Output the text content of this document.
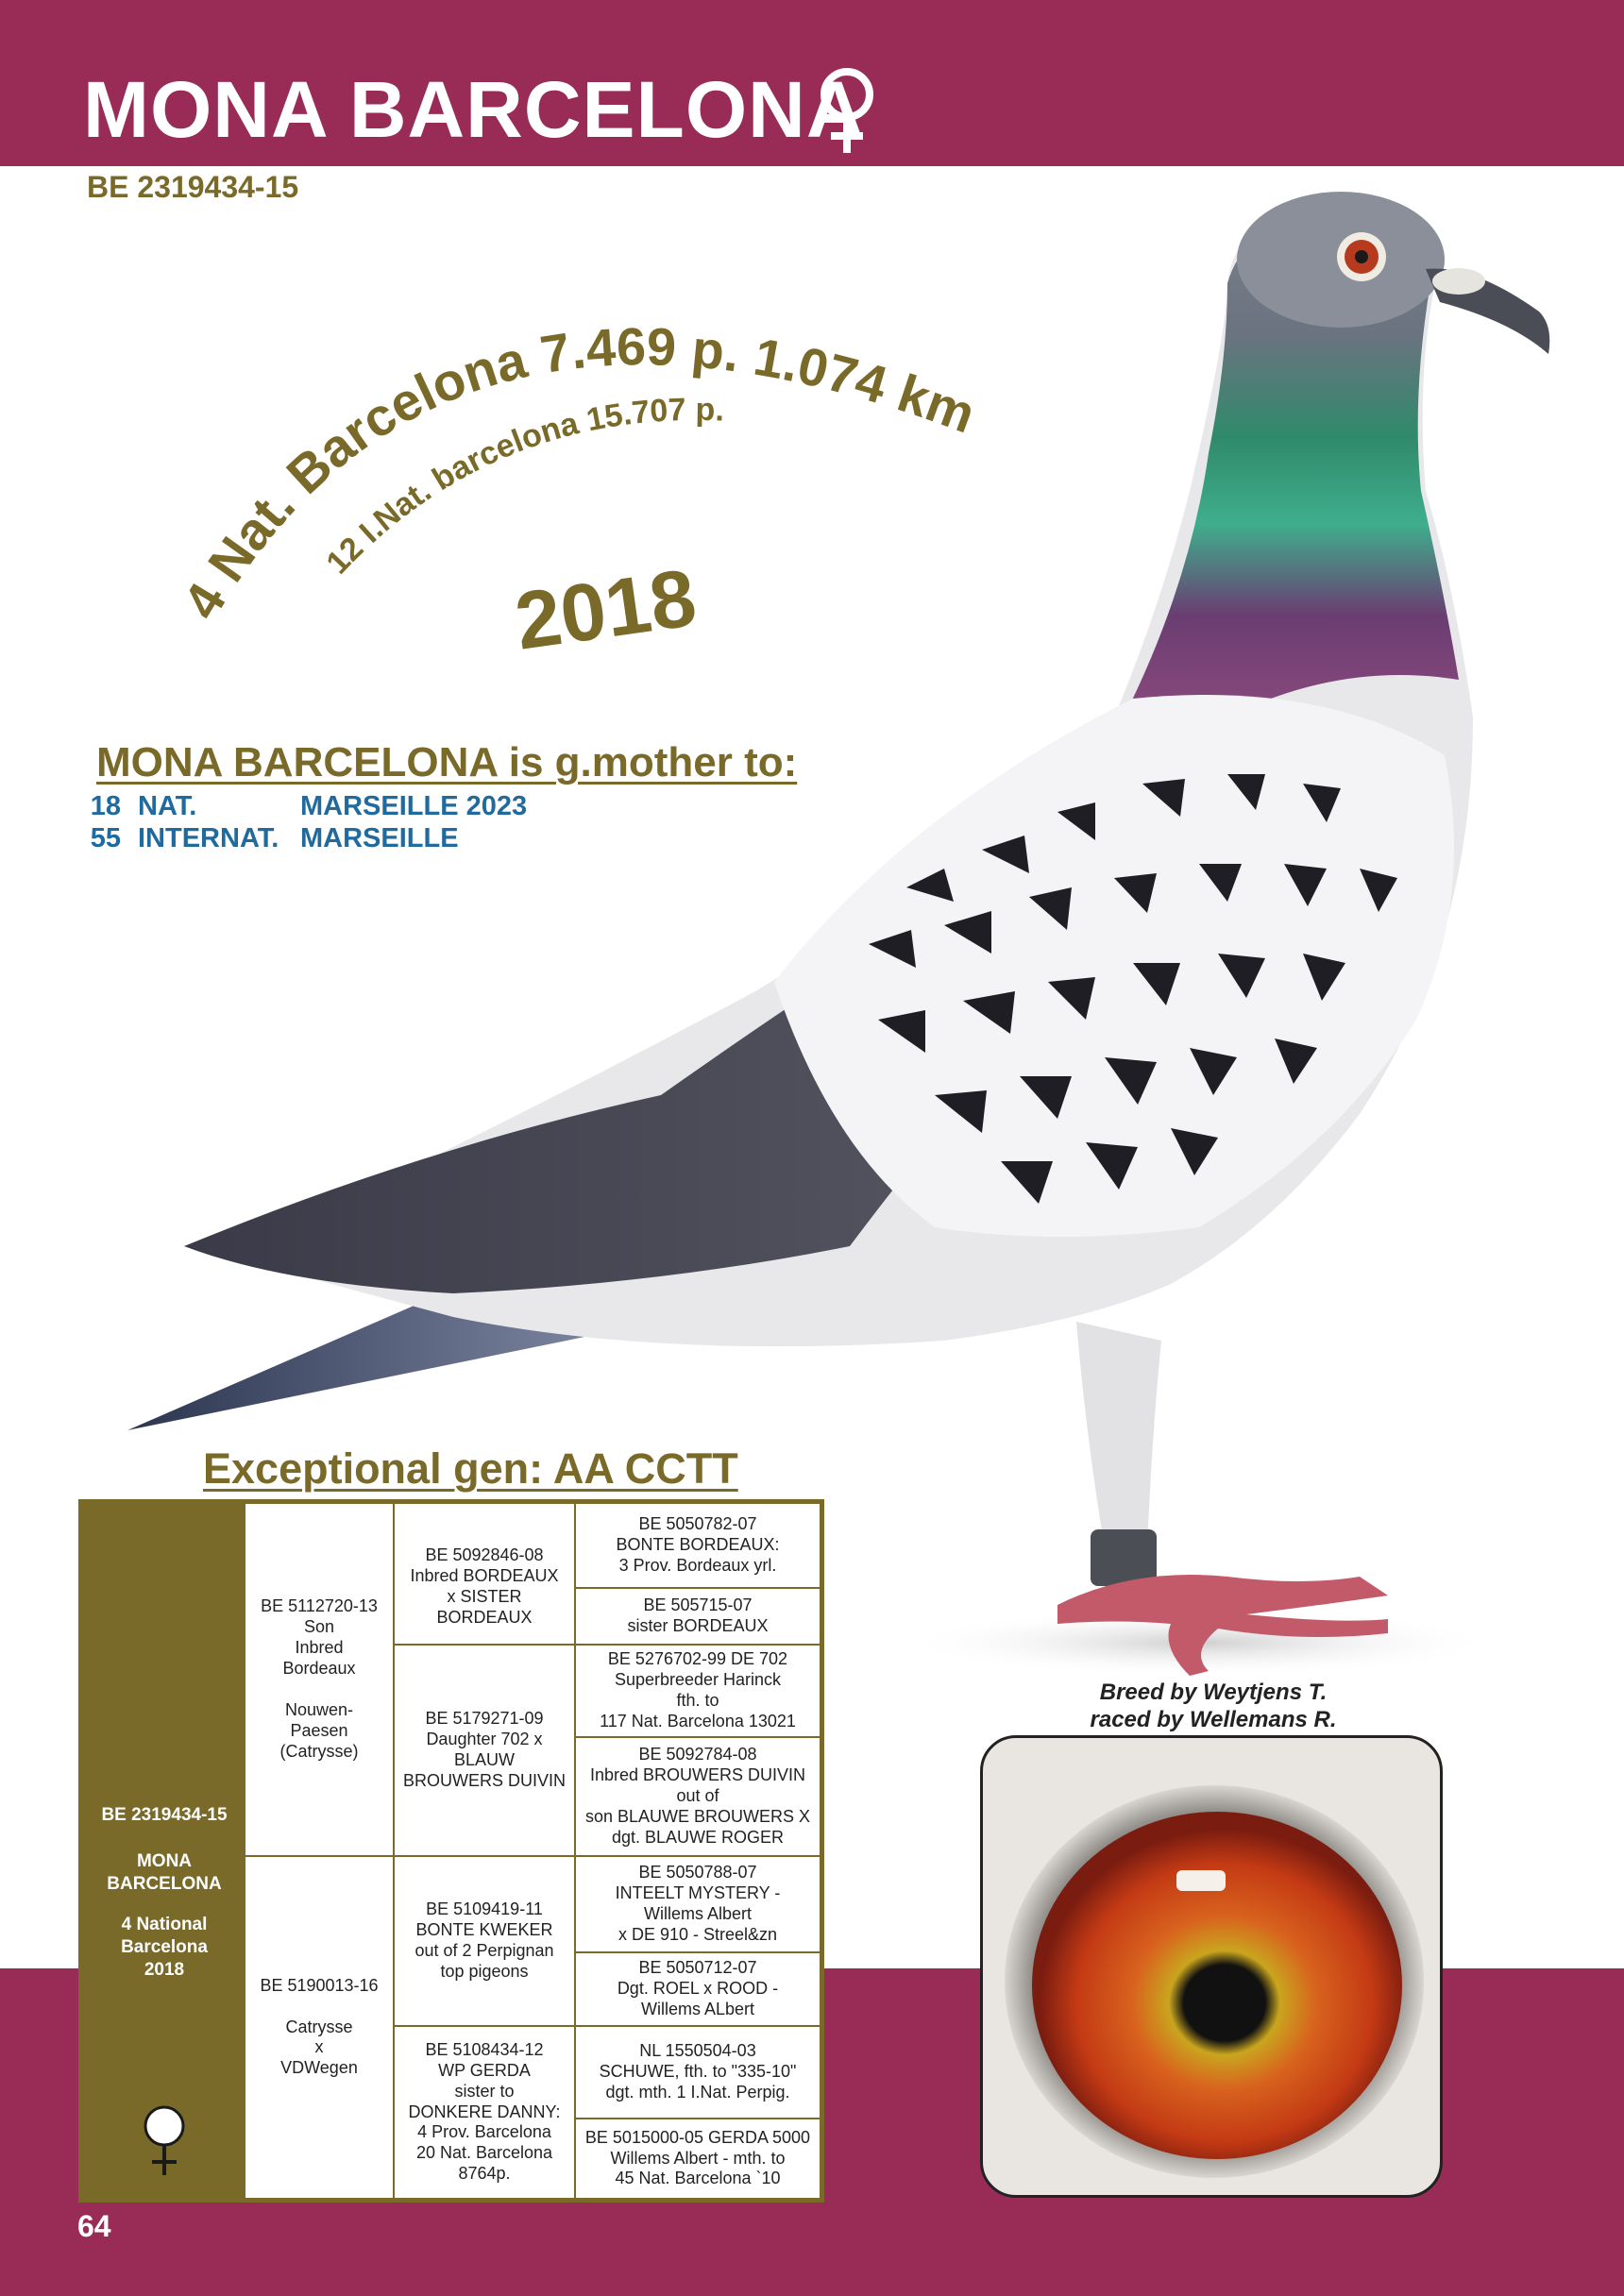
MONA BARCELONA
BE 2319434-15
4 Nat. Barcelona 7.469 p. 1.074 km
12 I.Nat. barcelona 15.707 p.
2018
MONA BARCELONA is g.mother to:
18 NAT.	MARSEILLE 2023
55 INTERNAT. MARSEILLE
Exceptional gen: AA CCTT
BE 2319434-15
MONA
BARCELONA
4 National
Barcelona
2018
BE 5112720-13
Son
Inbred
Bordeaux

Nouwen-
Paesen
(Catrysse)
BE 5190013-16

Catrysse
x
VDWegen
BE 5092846-08
Inbred BORDEAUX
x SISTER BORDEAUX
BE 5179271-09
Daughter 702 x
BLAUW
BROUWERS DUIVIN
BE 5109419-11
BONTE KWEKER
out of 2 Perpignan
top pigeons
BE 5108434-12
WP GERDA
sister to
DONKERE DANNY:
4 Prov. Barcelona
20 Nat. Barcelona
8764p.
BE 5050782-07
BONTE BORDEAUX:
3 Prov. Bordeaux yrl.
BE 505715-07
sister BORDEAUX
BE 5276702-99 DE 702
Superbreeder Harinck
fth. to
117 Nat. Barcelona 13021
BE 5092784-08
Inbred BROUWERS DUIVIN
out of
son BLAUWE BROUWERS X
dgt. BLAUWE ROGER
BE 5050788-07
INTEELT MYSTERY -
Willems Albert
x DE 910 - Streel&zn
BE 5050712-07
Dgt. ROEL x ROOD -
Willems ALbert
NL 1550504-03
SCHUWE, fth. to "335-10"
dgt. mth. 1 I.Nat. Perpig.
BE 5015000-05 GERDA 5000
Willems Albert - mth. to
45 Nat. Barcelona `10
Breed by Weytjens T.
raced by Wellemans R.
64
